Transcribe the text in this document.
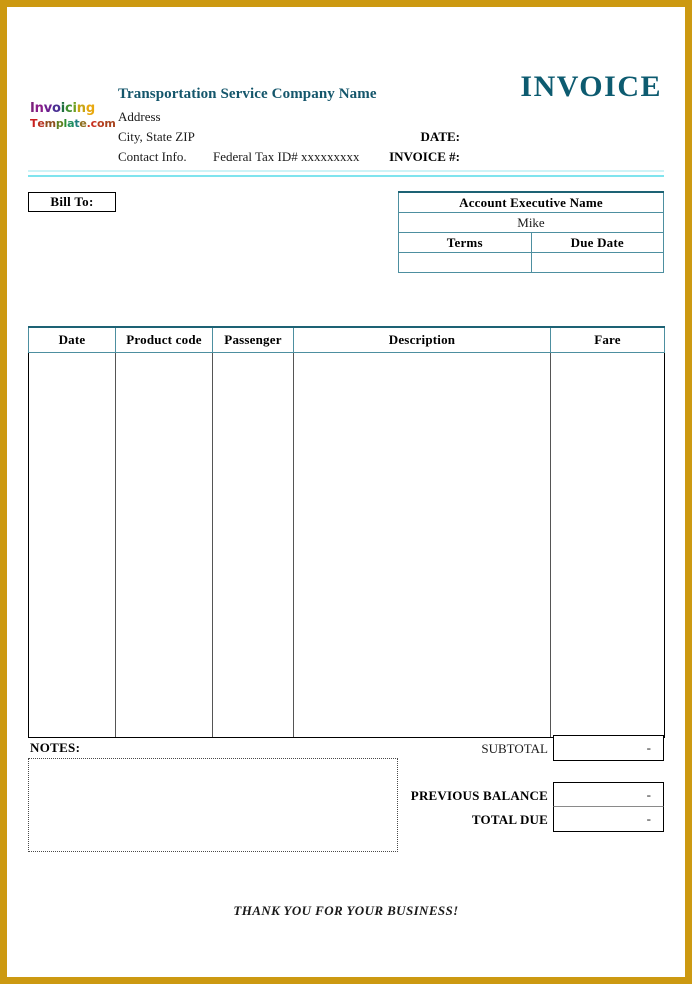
Invoicing
Template.com
Transportation Service Company Name
Address
City, State ZIP
Contact Info. Federal Tax ID# xxxxxxxxx
INVOICE
DATE:
INVOICE #:
Bill To:	Account Executive Name	
Mike	
Terms	Due Date

Date	Product code	Passenger	Description	Fare

NOTES:	SUBTOTAL	-
PREVIOUS BALANCE	-
TOTAL DUE	-
THANK YOU FOR YOUR BUSINESS!
